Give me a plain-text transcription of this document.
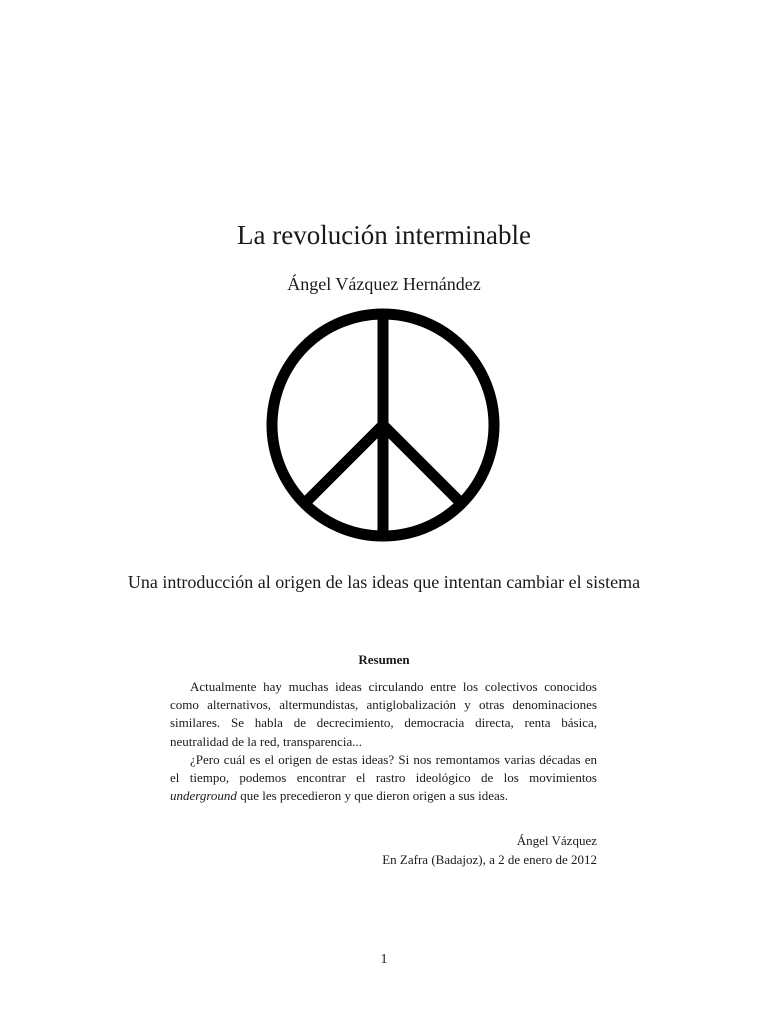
La revolución interminable
Ángel Vázquez Hernández
Una introducción al origen de las ideas que intentan cambiar el sistema
Resumen

Actualmente hay muchas ideas circulando entre los colectivos conocidos como alternativos, altermundistas, antiglobalización y otras denominaciones similares. Se habla de decrecimiento, democracia directa, renta básica, neutralidad de la red, transparencia...

¿Pero cuál es el origen de estas ideas? Si nos remontamos varias décadas en el tiempo, podemos encontrar el rastro ideológico de los movimientos underground que les precedieron y que dieron origen a sus ideas.

Ángel Vázquez
En Zafra (Badajoz), a 2 de enero de 2012
1
